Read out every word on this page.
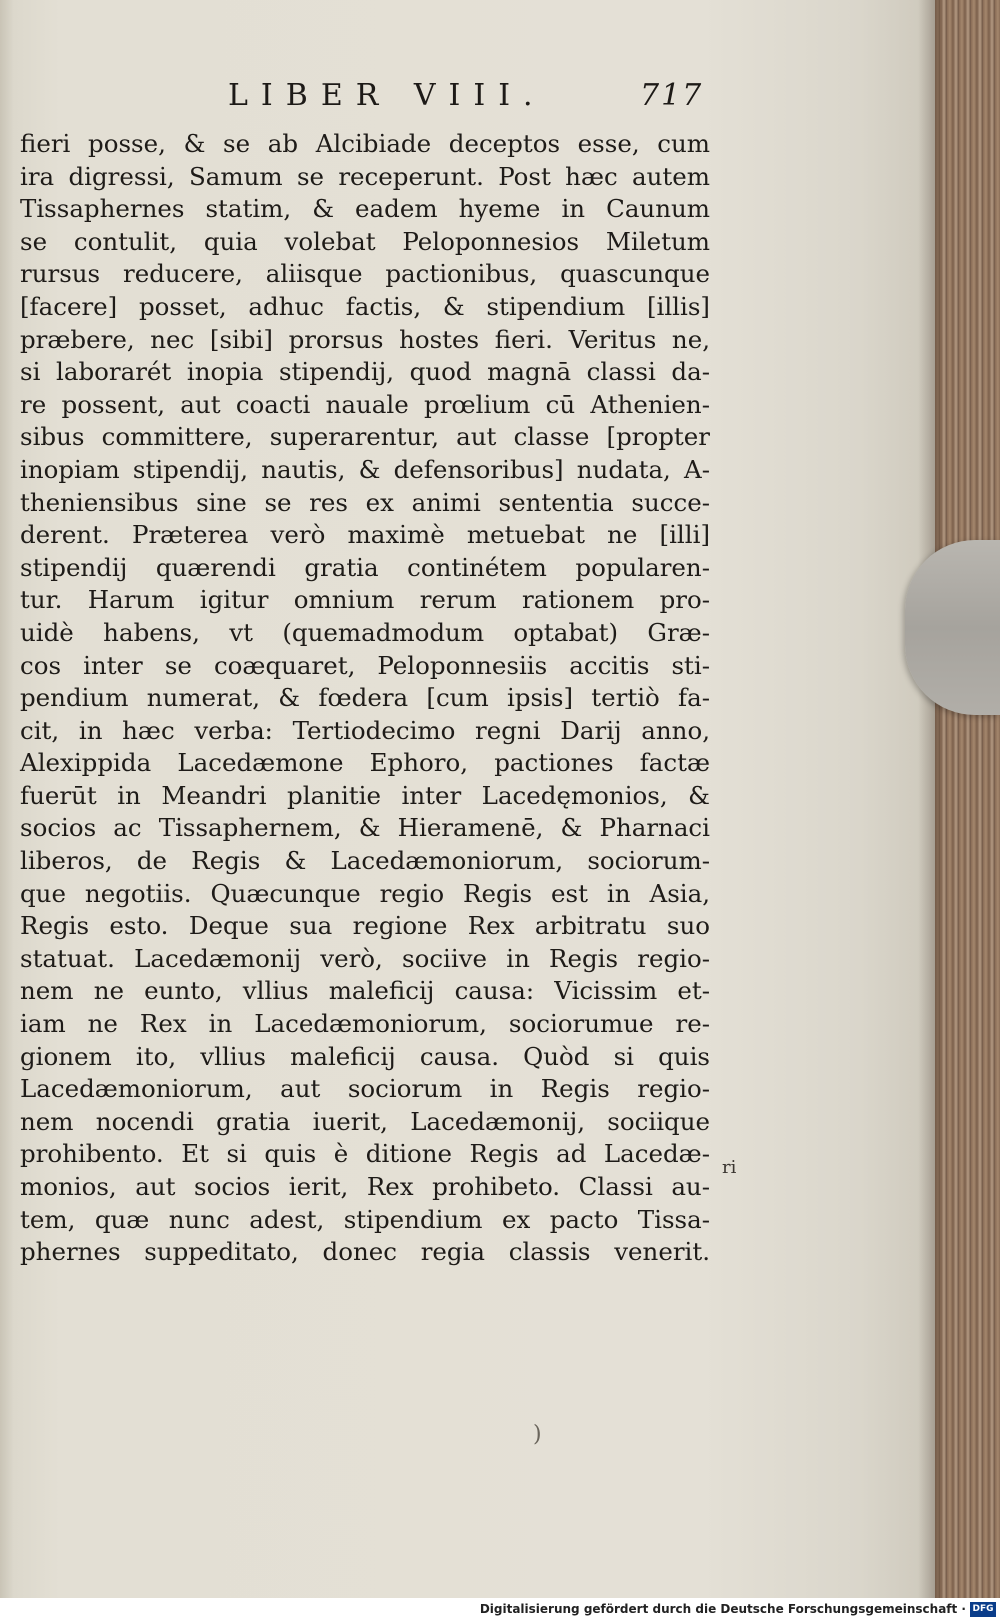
LIBER VIII.	717
fieri posse, & se ab Alcibiade deceptos esse, cum
ira digressi, Samum se receperunt. Post hæc autem
Tissaphernes statim, & eadem hyeme in Caunum
se contulit, quia volebat Peloponnesios Miletum
rursus reducere, aliisque pactionibus, quascunque
[facere] posset, adhuc factis, & stipendium [illis]
præbere, nec [sibi] prorsus hostes fieri. Veritus ne,
si laborarét inopia stipendij, quod magnā classi da-
re possent, aut coacti nauale prœlium cū Athenien-
sibus committere, superarentur, aut classe [propter
inopiam stipendij, nautis, & defensoribus] nudata, A-
theniensibus sine se res ex animi sententia succe-
derent. Præterea verò maximè metuebat ne [illi]
stipendij quærendi gratia continétem popularen-
tur. Harum igitur omnium rerum rationem pro-
uidè habens, vt (quemadmodum optabat) Græ-
cos inter se coæquaret, Peloponnesiis accitis sti-
pendium numerat, & fœdera [cum ipsis] tertiò fa-
cit, in hæc verba: Tertiodecimo regni Darij anno,
Alexippida Lacedæmone Ephoro, pactiones factæ
fuerūt in Meandri planitie inter Lacedęmonios, &
socios ac Tissaphernem, & Hieramenē, & Pharnaci
liberos, de Regis & Lacedæmoniorum, sociorum-
que negotiis. Quæcunque regio Regis est in Asia,
Regis esto. Deque sua regione Rex arbitratu suo
statuat. Lacedæmonij verò, sociive in Regis regio-
nem ne eunto, vllius maleficij causa: Vicissim et-
iam ne Rex in Lacedæmoniorum, sociorumue re-
gionem ito, vllius maleficij causa. Quòd si quis
Lacedæmoniorum, aut sociorum in Regis regio-
nem nocendi gratia iuerit, Lacedæmonij, sociique
prohibento. Et si quis è ditione Regis ad Lacedæ-
monios, aut socios ierit, Rex prohibeto. Classi au-
tem, quæ nunc adest, stipendium ex pacto Tissa-
phernes suppeditato, donec regia classis venerit.
ri
)
Digitalisierung gefördert durch die Deutsche Forschungsgemeinschaft · DFG
